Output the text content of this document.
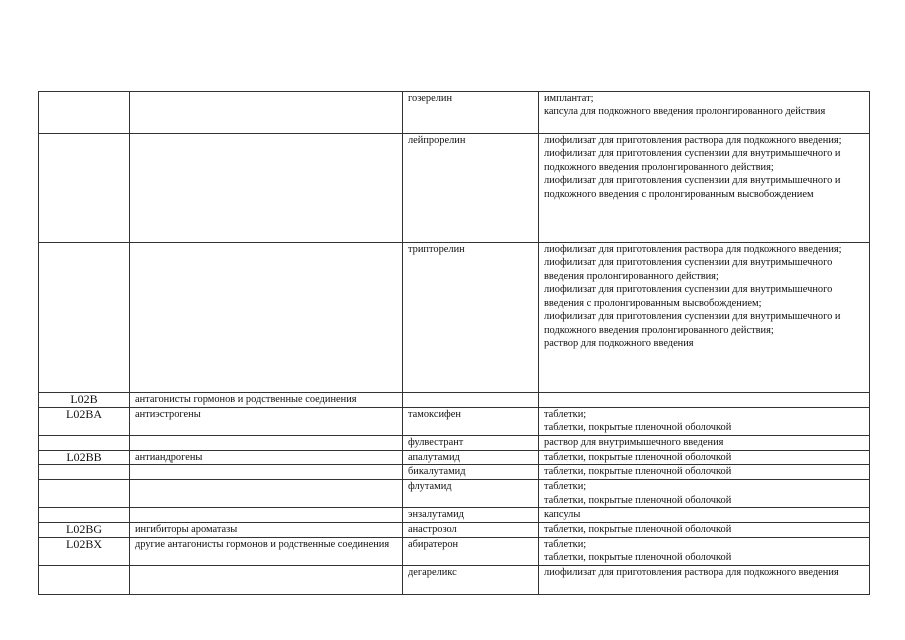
		гозерелин	имплантат;
капсула для подкожного введения пролонгированного действия
		лейпрорелин	лиофилизат для приготовления раствора для подкожного введения;
лиофилизат для приготовления суспензии для внутримышечного и подкожного введения пролонгированного действия;
лиофилизат для приготовления суспензии для внутримышечного и подкожного введения с пролонгированным высвобождением
		трипторелин	лиофилизат для приготовления раствора для подкожного введения;
лиофилизат для приготовления суспензии для внутримышечного введения пролонгированного действия;
лиофилизат для приготовления суспензии для внутримышечного введения с пролонгированным высвобождением;
лиофилизат для приготовления суспензии для внутримышечного и подкожного введения пролонгированного действия;
раствор для подкожного введения
L02B	антагонисты гормонов и родственные соединения		
L02BA	антиэстрогены	тамоксифен	таблетки;
таблетки, покрытые пленочной оболочкой
		фулвестрант	раствор для внутримышечного введения
L02BB	антиандрогены	апалутамид	таблетки, покрытые пленочной оболочкой
		бикалутамид	таблетки, покрытые пленочной оболочкой
		флутамид	таблетки;
таблетки, покрытые пленочной оболочкой
		энзалутамид	капсулы
L02BG	ингибиторы ароматазы	анастрозол	таблетки, покрытые пленочной оболочкой
L02BX	другие антагонисты гормонов и родственные соединения	абиратерон	таблетки;
таблетки, покрытые пленочной оболочкой
		дегареликс	лиофилизат для приготовления раствора для подкожного введения
